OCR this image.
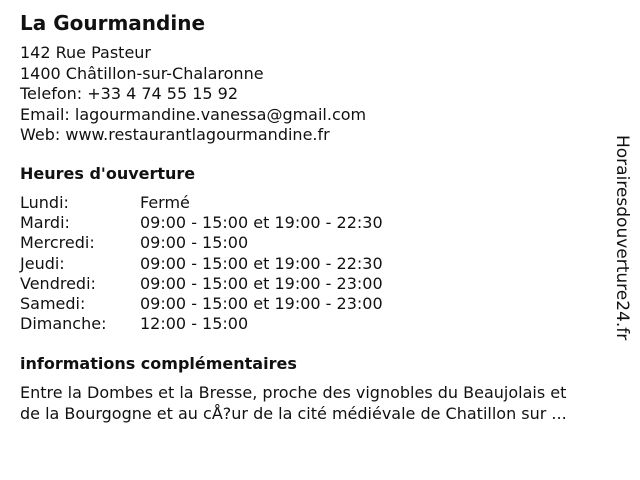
La Gourmandine
142 Rue Pasteur
1400 Châtillon-sur-Chalaronne
Telefon: +33 4 74 55 15 92
Email: lagourmandine.vanessa@gmail.com
Web: www.restaurantlagourmandine.fr
Heures d'ouverture
Lundi:	Fermé
Mardi:	09:00 - 15:00 et 19:00 - 22:30
Mercredi:	09:00 - 15:00
Jeudi:	09:00 - 15:00 et 19:00 - 22:30
Vendredi:	09:00 - 15:00 et 19:00 - 23:00
Samedi:	09:00 - 15:00 et 19:00 - 23:00
Dimanche:	12:00 - 15:00
informations complémentaires
Entre la Dombes et la Bresse, proche des vignobles du Beaujolais et
de la Bourgogne et au cÅ?ur de la cité médiévale de Chatillon sur ...
Horairesdouverture24.fr
